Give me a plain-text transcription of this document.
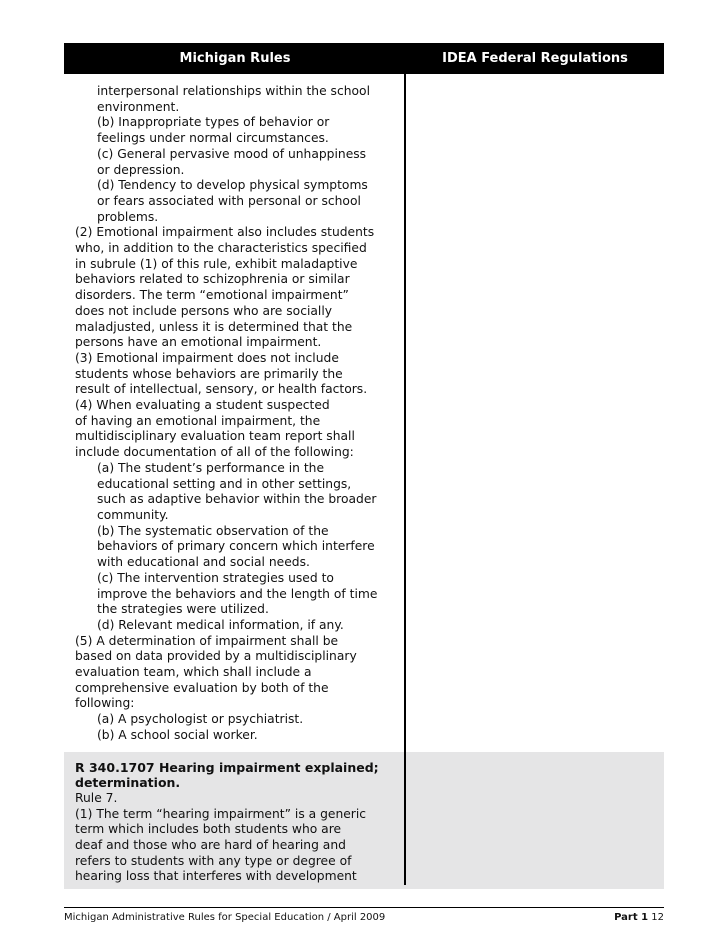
Michigan Rules	IDEA Federal Regulations
interpersonal relationships within the school
environment.
(b) Inappropriate types of behavior or
feelings under normal circumstances.
(c) General pervasive mood of unhappiness
or depression.
(d) Tendency to develop physical symptoms
or fears associated with personal or school
problems.
(2) Emotional impairment also includes students
who, in addition to the characteristics specified
in subrule (1) of this rule, exhibit maladaptive
behaviors related to schizophrenia or similar
disorders. The term “emotional impairment”
does not include persons who are socially
maladjusted, unless it is determined that the
persons have an emotional impairment.
(3) Emotional impairment does not include
students whose behaviors are primarily the
result of intellectual, sensory, or health factors.
(4) When evaluating a student suspected
of having an emotional impairment, the
multidisciplinary evaluation team report shall
include documentation of all of the following:
(a) The student’s performance in the
educational setting and in other settings,
such as adaptive behavior within the broader
community.
(b) The systematic observation of the
behaviors of primary concern which interfere
with educational and social needs.
(c) The intervention strategies used to
improve the behaviors and the length of time
the strategies were utilized.
(d) Relevant medical information, if any.
(5) A determination of impairment shall be
based on data provided by a multidisciplinary
evaluation team, which shall include a
comprehensive evaluation by both of the
following:
(a) A psychologist or psychiatrist.
(b) A school social worker.
R 340.1707 Hearing impairment explained;
determination.
Rule 7.
(1) The term “hearing impairment” is a generic
term which includes both students who are
deaf and those who are hard of hearing and
refers to students with any type or degree of
hearing loss that interferes with development
Michigan Administrative Rules for Special Education / April 2009	Part 1 12
